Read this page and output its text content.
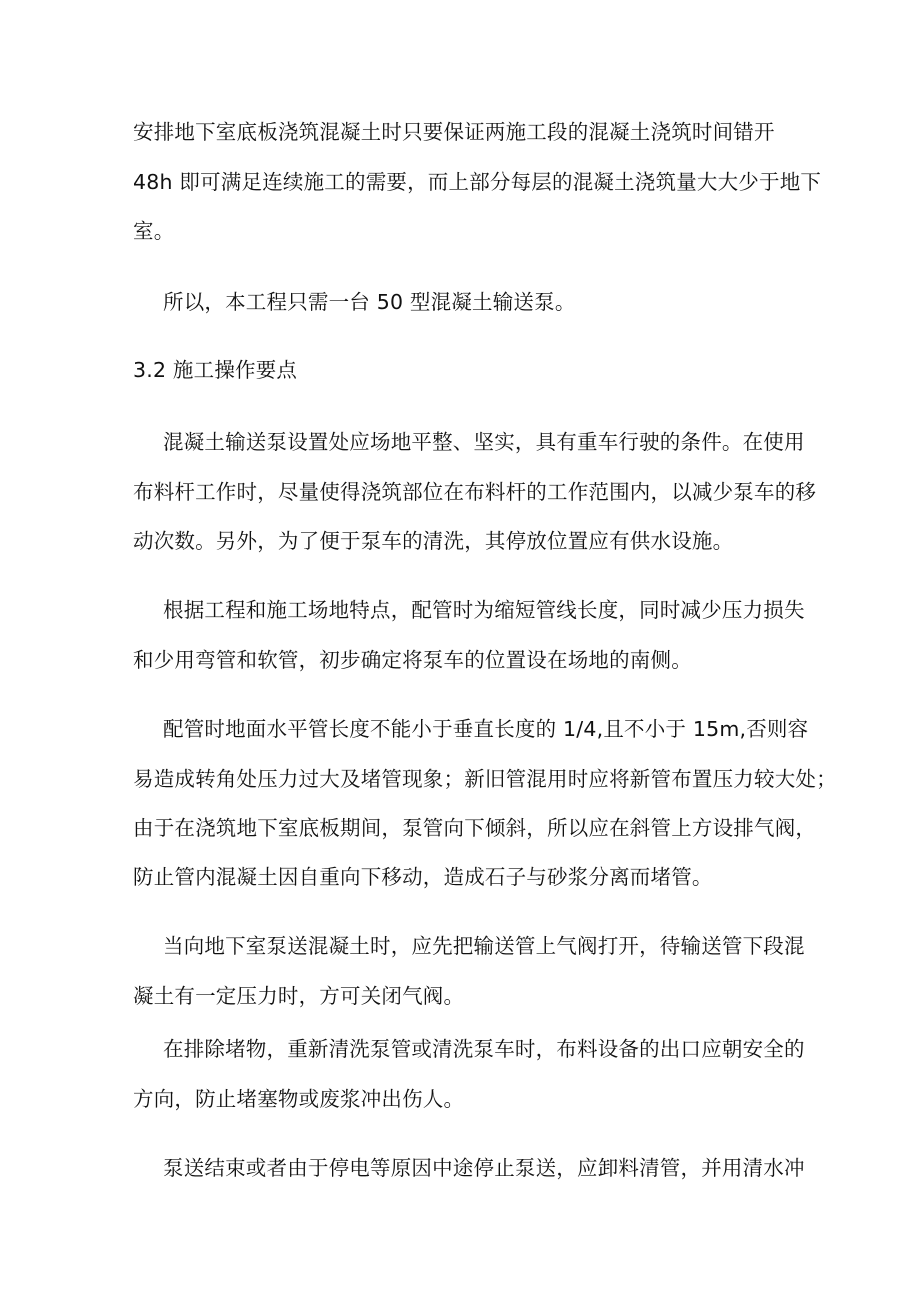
安排地下室底板浇筑混凝土时只要保证两施工段的混凝土浇筑时间错开
48h 即可满足连续施工的需要，而上部分每层的混凝土浇筑量大大少于地下
室。
所以，本工程只需一台 50 型混凝土输送泵。
3.2 施工操作要点
混凝土输送泵设置处应场地平整、坚实，具有重车行驶的条件。在使用
布料杆工作时，尽量使得浇筑部位在布料杆的工作范围内，以减少泵车的移
动次数。另外，为了便于泵车的清洗，其停放位置应有供水设施。
根据工程和施工场地特点，配管时为缩短管线长度，同时减少压力损失
和少用弯管和软管，初步确定将泵车的位置设在场地的南侧。
配管时地面水平管长度不能小于垂直长度的 1/4,且不小于 15m,否则容
易造成转角处压力过大及堵管现象；新旧管混用时应将新管布置压力较大处；
由于在浇筑地下室底板期间，泵管向下倾斜，所以应在斜管上方设排气阀，
防止管内混凝土因自重向下移动，造成石子与砂浆分离而堵管。
当向地下室泵送混凝土时，应先把输送管上气阀打开，待输送管下段混
凝土有一定压力时，方可关闭气阀。
在排除堵物，重新清洗泵管或清洗泵车时，布料设备的出口应朝安全的
方向，防止堵塞物或废浆冲出伤人。
泵送结束或者由于停电等原因中途停止泵送，应卸料清管，并用清水冲
